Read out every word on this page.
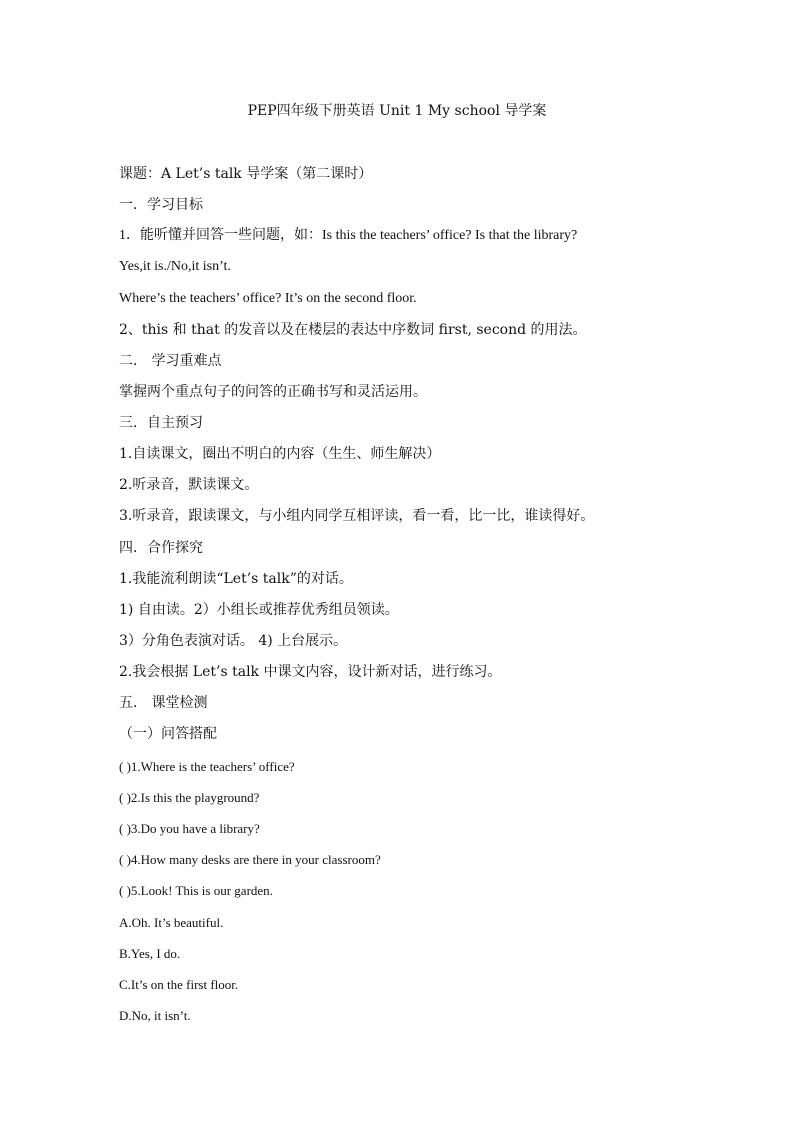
PEP四年级下册英语 Unit 1 My school 导学案
课题：A Let’s talk 导学案（第二课时）
一．学习目标
1．能听懂并回答一些问题，如：Is this the teachers’ office? Is that the library?
Yes,it is./No,it isn’t.
Where’s the teachers’ office? It’s on the second floor.
2、this 和 that 的发音以及在楼层的表达中序数词 first, second 的用法。
二． 学习重难点
掌握两个重点句子的问答的正确书写和灵活运用。
三．自主预习
1.自读课文，圈出不明白的内容（生生、师生解决）
2.听录音，默读课文。
3.听录音，跟读课文，与小组内同学互相评读，看一看，比一比，谁读得好。
四．合作探究
1.我能流利朗读“Let’s talk”的对话。
1) 自由读。2）小组长或推荐优秀组员领读。
3）分角色表演对话。 4) 上台展示。
2.我会根据 Let’s talk 中课文内容，设计新对话，进行练习。
五． 课堂检测
（一）问答搭配
( )1.Where is the teachers’ office?
( )2.Is this the playground?
( )3.Do you have a library?
( )4.How many desks are there in your classroom?
( )5.Look! This is our garden.
A.Oh. It’s beautiful.
B.Yes, I do.
C.It’s on the first floor.
D.No, it isn’t.
